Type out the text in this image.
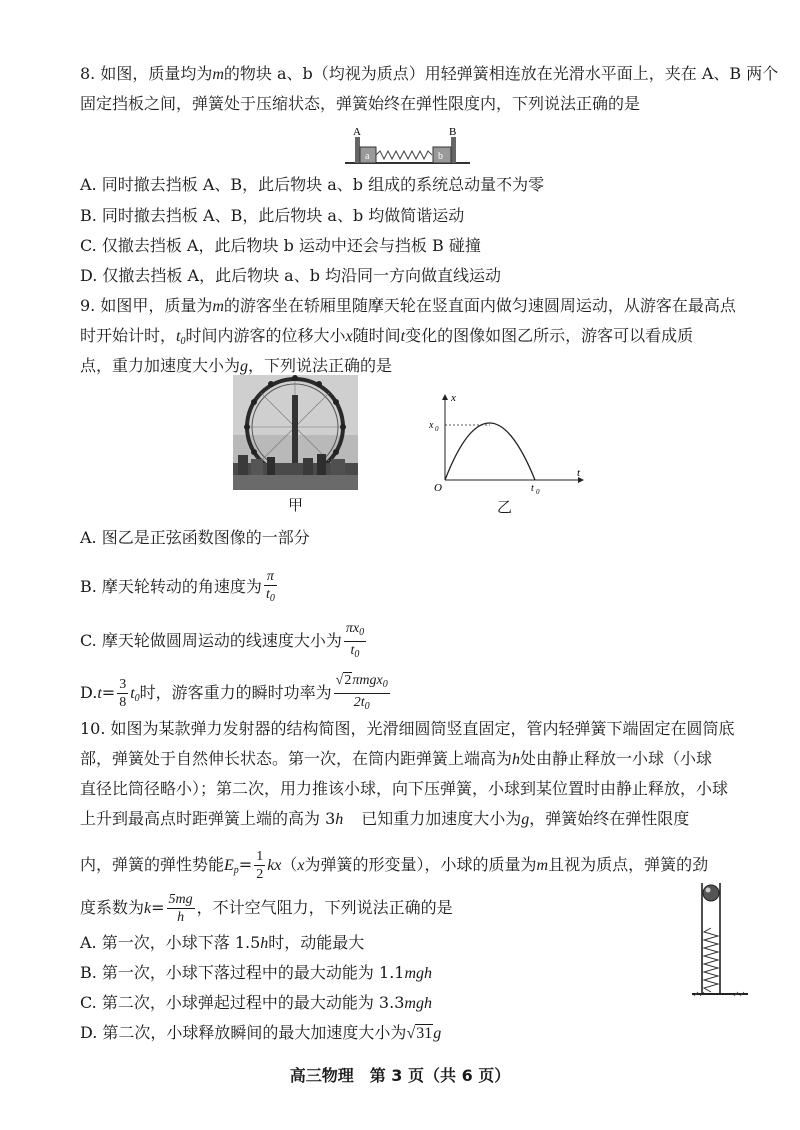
8. 如图，质量均为m的物块 a、b（均视为质点）用轻弹簧相连放在光滑水平面上，夹在 A、B 两个
固定挡板之间，弹簧处于压缩状态，弹簧始终在弹性限度内，下列说法正确的是
A	B
a	b
A. 同时撤去挡板 A、B，此后物块 a、b 组成的系统总动量不为零
B. 同时撤去挡板 A、B，此后物块 a、b 均做简谐运动
C. 仅撤去挡板 A，此后物块 b 运动中还会与挡板 B 碰撞
D. 仅撤去挡板 A，此后物块 a、b 均沿同一方向做直线运动
9. 如图甲，质量为m的游客坐在轿厢里随摩天轮在竖直面内做匀速圆周运动，从游客在最高点
时开始计时，$t_0$时间内游客的位移大小x随时间t变化的图像如图乙所示，游客可以看成质
点，重力加速度大小为g，下列说法正确的是
甲
x
t
O
x 0
t 0
乙
A. 图乙是正弦函数图像的一部分
B. 摩天轮转动的角速度为 $\frac{\pi}{t_0}$
C. 摩天轮做圆周运动的线速度大小为 $\frac{\pi x_0}{t_0}$
$D.t= \frac{3}{8} t_0$时，游客重力的瞬时功率为 $\frac{√2\pi mgx_0}{2t_0}$
10. 如图为某款弹力发射器的结构简图，光滑细圆筒竖直固定，管内轻弹簧下端固定在圆筒底
部，弹簧处于自然伸长状态。第一次，在筒内距弹簧上端高为h处由静止释放一小球（小球
直径比筒径略小）；第二次，用力推该小球，向下压弹簧，小球到某位置时由静止释放，小球
上升到最高点时距弹簧上端的高为 3h 已知重力加速度大小为g，弹簧始终在弹性限度
内，弹簧的弹性势能$E_p= \frac{1}{2} kx(x$为弹簧的形变量），小球的质量为m且视为质点，弹簧的劲
度系数为$k= \frac{5mg}{h}$ ，不计空气阻力，下列说法正确的是
A. 第一次，小球下落 1.5h时，动能最大
B. 第一次，小球下落过程中的最大动能为 1.1mgh
C. 第二次，小球弹起过程中的最大动能为 3.3mgh
D. 第二次，小球释放瞬间的最大加速度大小为√31g
高三物理　第 3 页（共 6 页）
